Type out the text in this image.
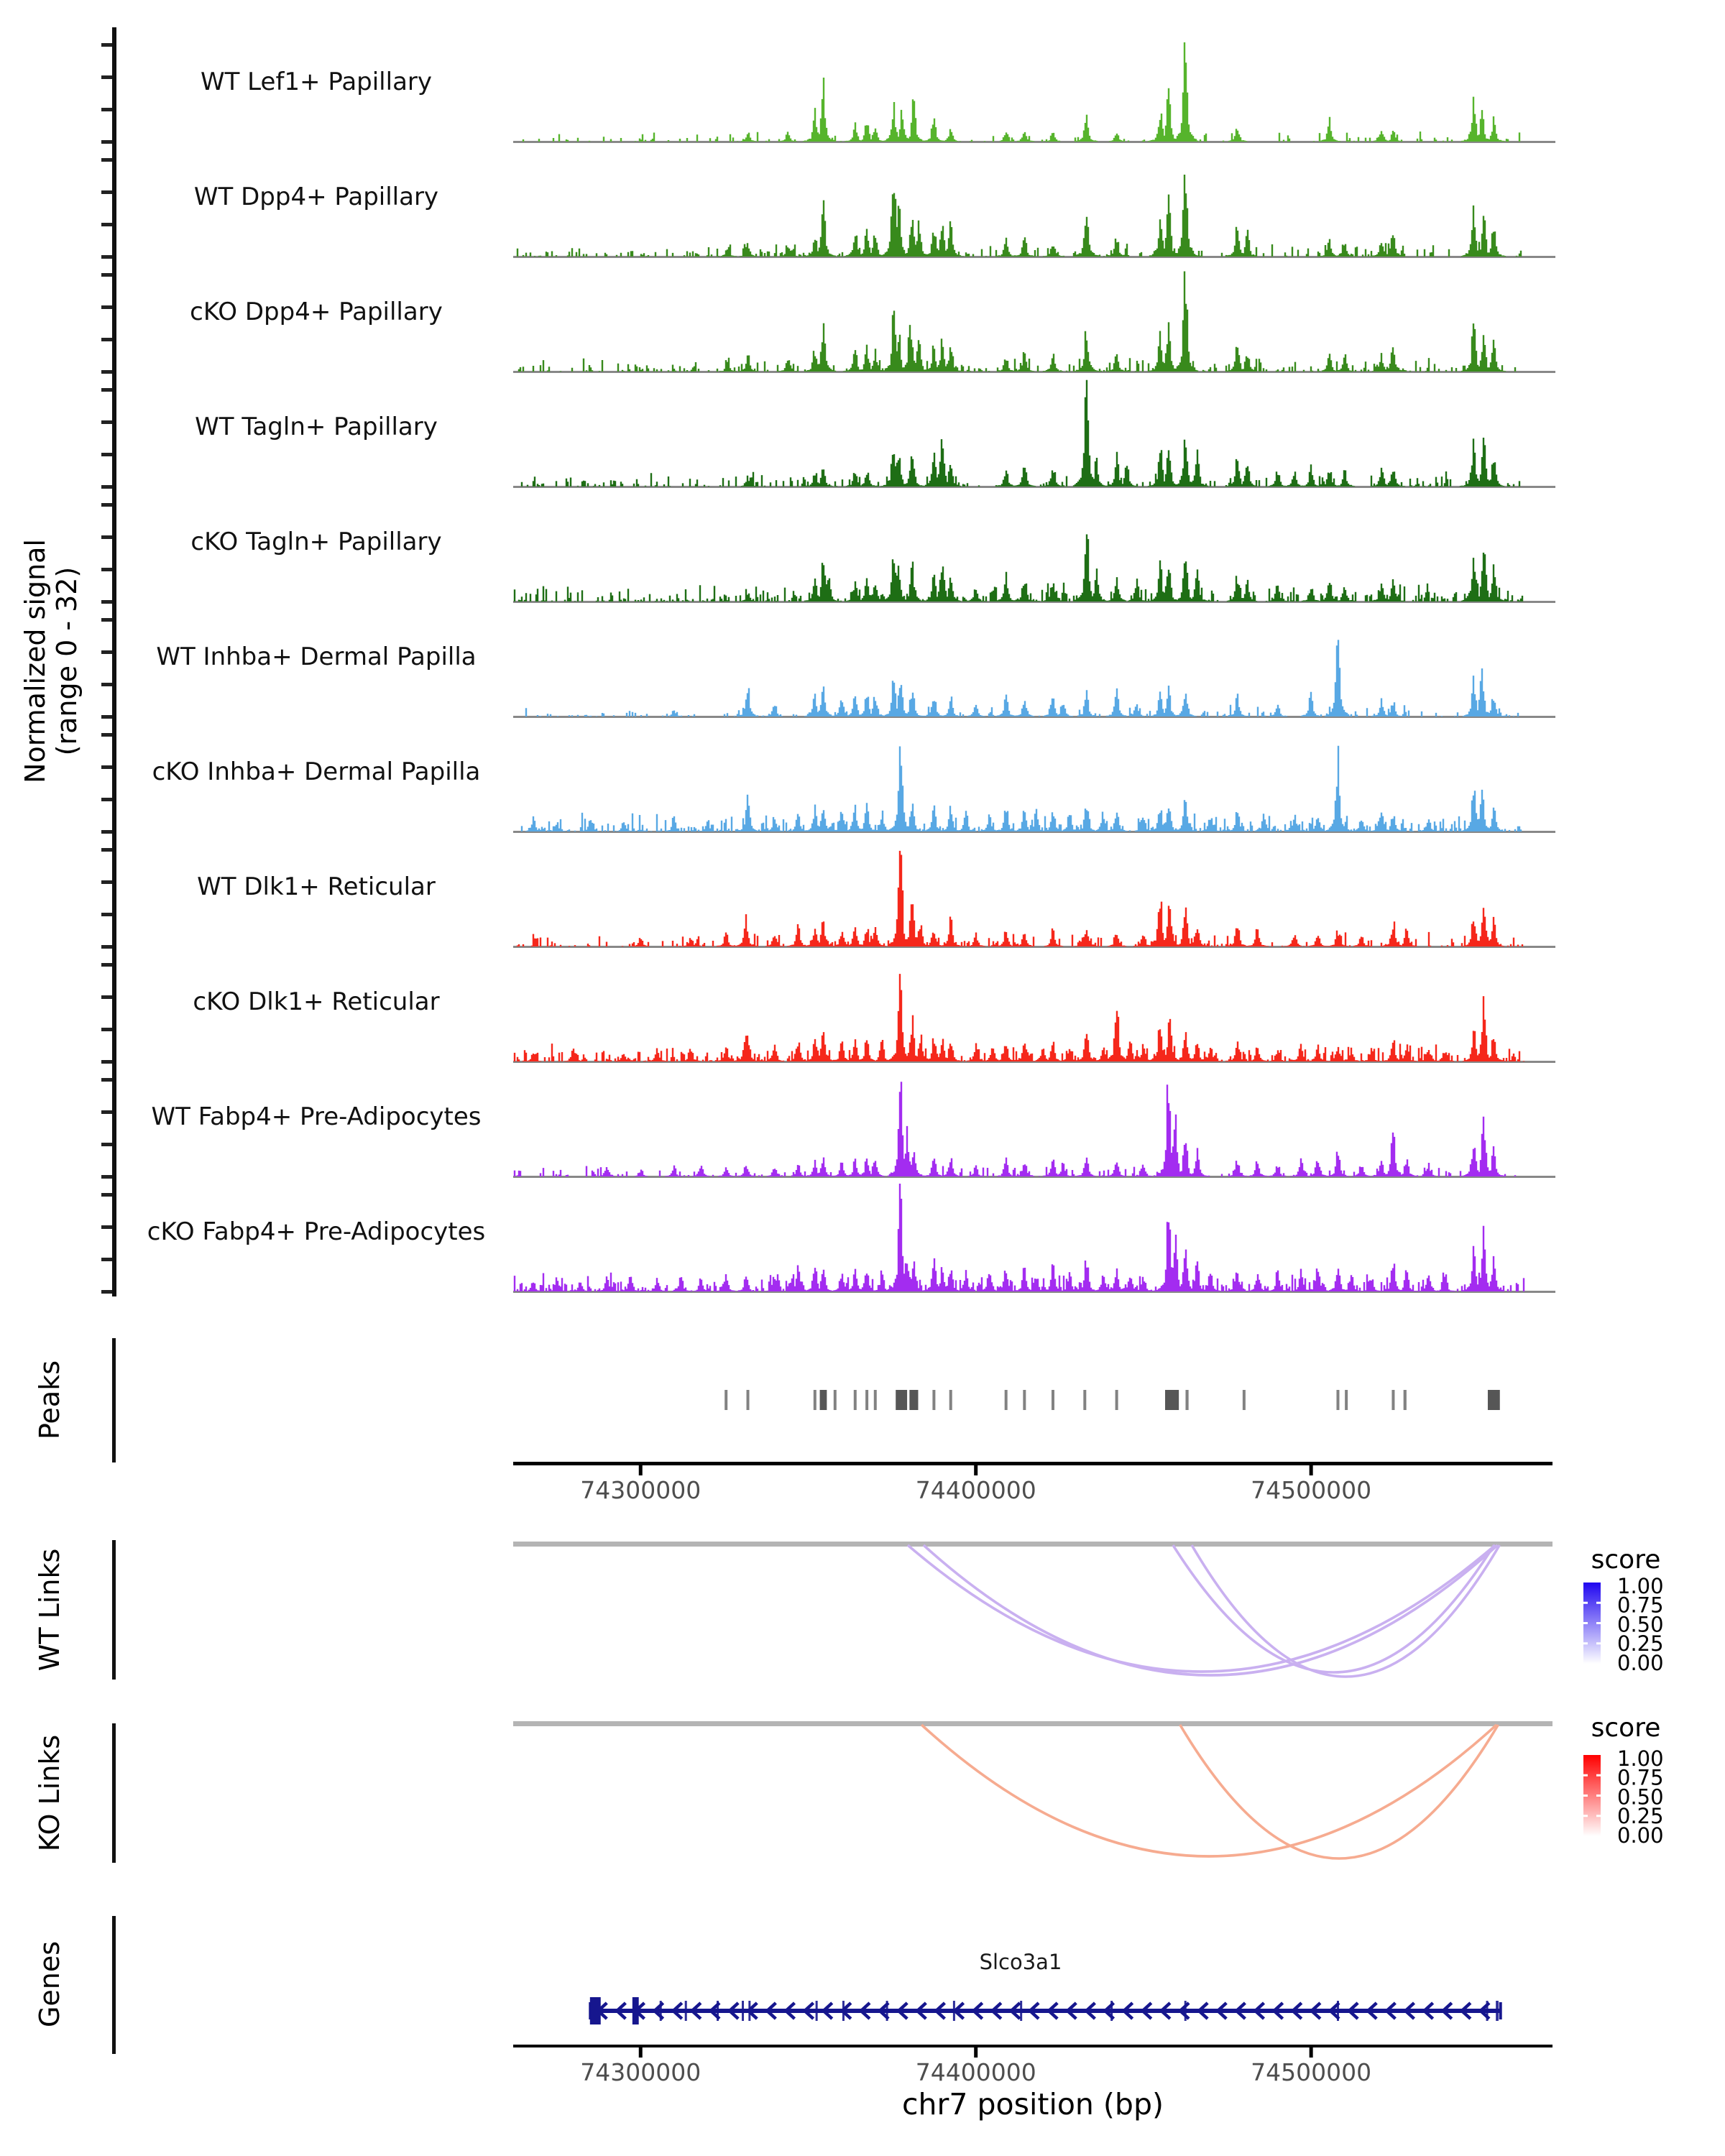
WT Lef1+ Papillary
WT Dpp4+ Papillary
cKO Dpp4+ Papillary
WT Tagln+ Papillary
cKO Tagln+ Papillary
WT Inhba+ Dermal Papilla
cKO Inhba+ Dermal Papilla
WT Dlk1+ Reticular
cKO Dlk1+ Reticular
WT Fabp4+ Pre-Adipocytes
cKO Fabp4+ Pre-Adipocytes
74300000	74400000	74500000
1.00
0.75
0.50
0.25
0.00
1.00
0.75
0.50
0.25
0.00
74300000	74400000	74500000
Normalized signal (range 0 - 32)
Peaks
WT Links
KO Links
Genes
score
score
Slco3a1
chr7 position (bp)
